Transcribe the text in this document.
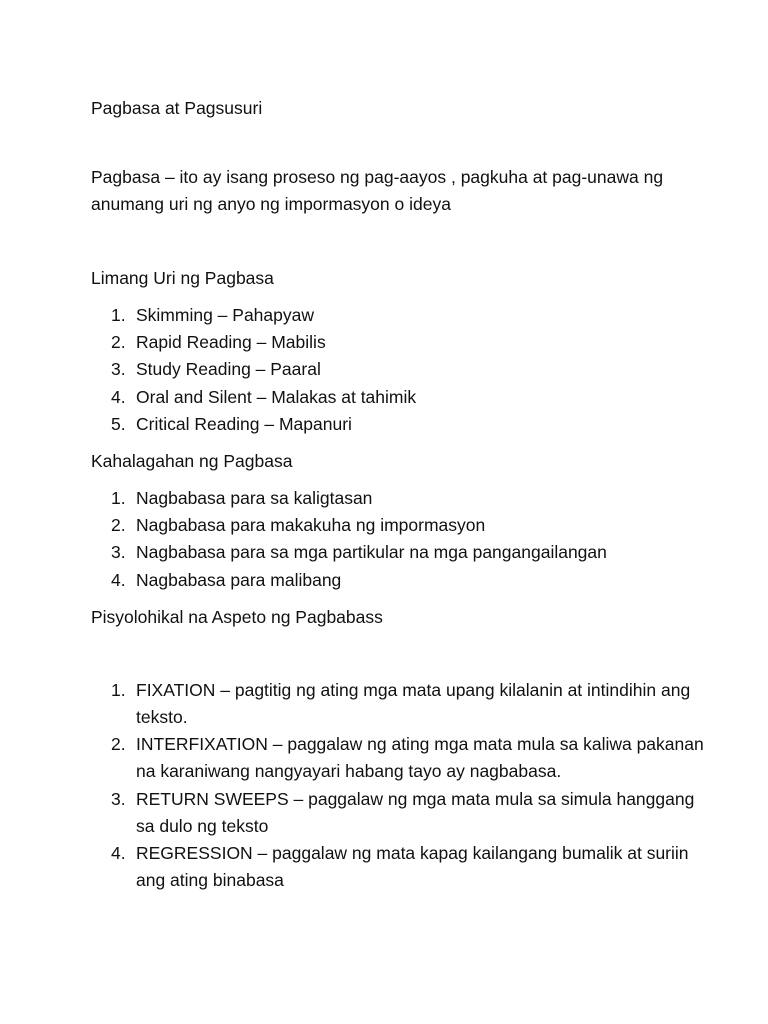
Pagbasa at Pagsusuri

Pagbasa – ito ay isang proseso ng pag-aayos , pagkuha at pag-unawa ng anumang uri ng anyo ng impormasyon o ideya

Limang Uri ng Pagbasa

1. Skimming – Pahapyaw
2. Rapid Reading – Mabilis
3. Study Reading – Paaral
4. Oral and Silent – Malakas at tahimik
5. Critical Reading – Mapanuri

Kahalagahan ng Pagbasa

1. Nagbabasa para sa kaligtasan
2. Nagbabasa para makakuha ng impormasyon
3. Nagbabasa para sa mga partikular na mga pangangailangan
4. Nagbabasa para malibang

Pisyolohikal na Aspeto ng Pagbabass

1. FIXATION – pagtitig ng ating mga mata upang kilalanin at intindihin ang teksto.
2. INTERFIXATION – paggalaw ng ating mga mata mula sa kaliwa pakanan na karaniwang nangyayari habang tayo ay nagbabasa.
3. RETURN SWEEPS – paggalaw ng mga mata mula sa simula hanggang sa dulo ng teksto
4. REGRESSION – paggalaw ng mata kapag kailangang bumalik at suriin ang ating binabasa
